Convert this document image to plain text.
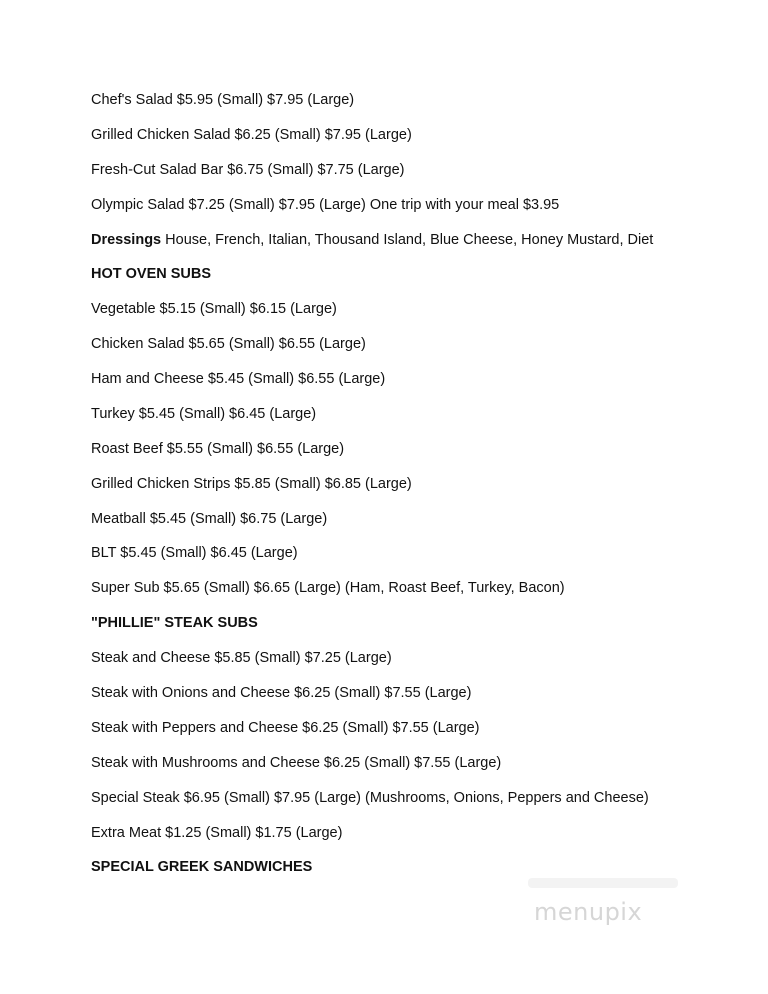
Chef's Salad $5.95 (Small) $7.95 (Large)
Grilled Chicken Salad $6.25 (Small) $7.95 (Large)
Fresh-Cut Salad Bar $6.75 (Small) $7.75 (Large)
Olympic Salad $7.25 (Small) $7.95 (Large) One trip with your meal $3.95
Dressings House, French, Italian, Thousand Island, Blue Cheese, Honey Mustard, Diet
HOT OVEN SUBS
Vegetable $5.15 (Small) $6.15 (Large)
Chicken Salad $5.65 (Small) $6.55 (Large)
Ham and Cheese $5.45 (Small) $6.55 (Large)
Turkey $5.45 (Small) $6.45 (Large)
Roast Beef $5.55 (Small) $6.55 (Large)
Grilled Chicken Strips $5.85 (Small) $6.85 (Large)
Meatball $5.45 (Small) $6.75 (Large)
BLT $5.45 (Small) $6.45 (Large)
Super Sub $5.65 (Small) $6.65 (Large) (Ham, Roast Beef, Turkey, Bacon)
"PHILLIE" STEAK SUBS
Steak and Cheese $5.85 (Small) $7.25 (Large)
Steak with Onions and Cheese $6.25 (Small) $7.55 (Large)
Steak with Peppers and Cheese $6.25 (Small) $7.55 (Large)
Steak with Mushrooms and Cheese $6.25 (Small) $7.55 (Large)
Special Steak $6.95 (Small) $7.95 (Large) (Mushrooms, Onions, Peppers and Cheese)
Extra Meat $1.25 (Small) $1.75 (Large)
SPECIAL GREEK SANDWICHES
menupix
